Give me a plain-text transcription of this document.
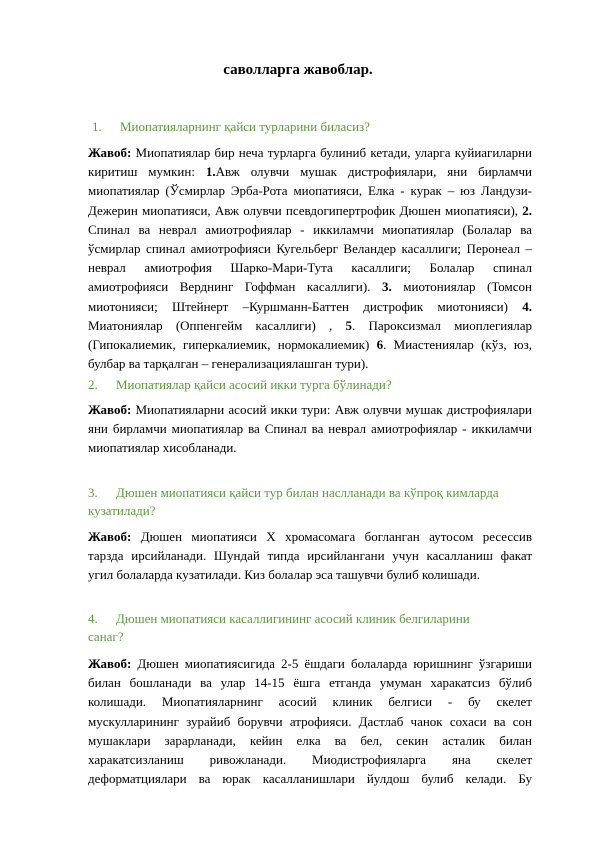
саволларга жавоблар.
1. Миопатияларнинг қайси турларини биласиз?
Жавоб: Миопатиялар бир неча турларга булиниб кетади, уларга куйиагиларни
киритиш мумкин: 1.Авж олувчи мушак дистрофиялари, яни бирламчи
миопатиялар (Ўсмирлар Эрба-Рота миопатияси, Елка - курак – юз Ландузи-
Дежерин миопатияси, Авж олувчи псевдогипертрофик Дюшен миопатияси), 2.
Спинал ва неврал амиотрофиялар - иккиламчи миопатиялар (Болалар ва
ўсмирлар спинал амиотрофияси Кугельберг Веландер касаллиги; Перонеал –
неврал амиотрофия Шарко-Мари-Тута касаллиги; Болалар спинал
амиотрофияси Верднинг Гоффман касаллиги). 3. миотониялар (Томсон
миотонияси; Штейнерт –Куршманн-Баттен дистрофик миотонияси) 4.
Миатониялар (Оппенгейм касаллиги) , 5. Пароксизмал миоплегиялар
(Гипокалиемик, гиперкалиемик, нормокалиемик) 6. Миастениялар (кўз, юз,
булбар ва тарқалган – генерализациялашган тури).
2. Миопатиялар қайси асосий икки турга бўлинади?
Жавоб: Миопатияларни асосий икки тури: Авж олувчи мушак дистрофиялари
яни бирламчи миопатиялар ва Спинал ва неврал амиотрофиялар - иккиламчи
миопатиялар хисобланади.
3. Дюшен миопатияси қайси тур билан наслланади ва кўпроқ кимларда
кузатилади?
Жавоб: Дюшен миопатияси Х хромасомага богланган аутосом ресессив
тарзда ирсийланади. Шундай типда ирсийлангани учун касалланиш факат
угил болаларда кузатилади. Киз болалар эса ташувчи булиб колишади.
4. Дюшен миопатияси касаллигининг асосий клиник белгиларини
санаг?
Жавоб: Дюшен миопатиясигида 2-5 ёшдаги болаларда юришнинг ўзгариши
билан бошланади ва улар 14-15 ёшга етганда умуман харакатсиз бўлиб
колишади. Миопатияларнинг асосий клиник белгиси - бу скелет
мускулларининг зурайиб борувчи атрофияси. Дастлаб чанок сохаси ва сон
мушаклари зарарланади, кейин елка ва бел, секин асталик билан
харакатсизланиш ривожланади. Миодистрофияларга яна скелет
деформатциялари ва юрак касалланишлари йулдош булиб келади. Бу
